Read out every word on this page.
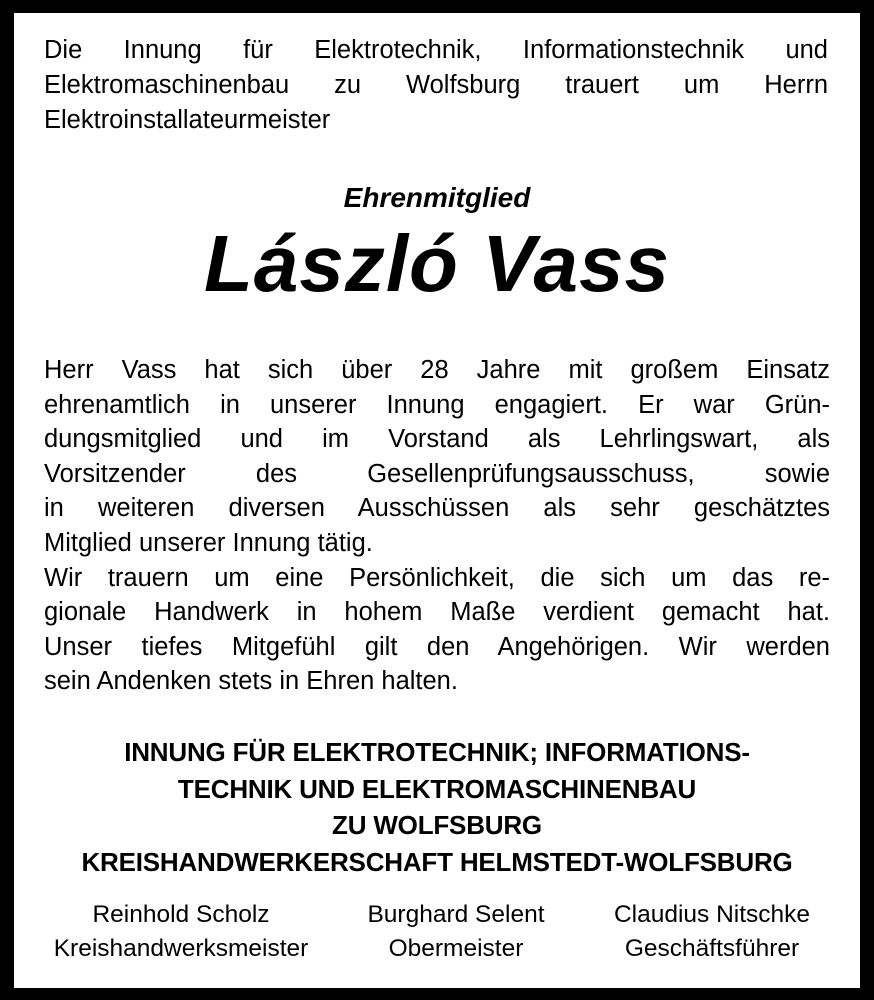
Die Innung für Elektrotechnik, Informationstechnik und
Elektromaschinenbau zu Wolfsburg trauert um Herrn
Elektroinstallateurmeister
Ehrenmitglied
László Vass
Herr Vass hat sich über 28 Jahre mit großem Einsatz
ehrenamtlich in unserer Innung engagiert. Er war Grün-
dungsmitglied und im Vorstand als Lehrlingswart, als
Vorsitzender des Gesellenprüfungsausschuss, sowie
in weiteren diversen Ausschüssen als sehr geschätztes
Mitglied unserer Innung tätig.
Wir trauern um eine Persönlichkeit, die sich um das re-
gionale Handwerk in hohem Maße verdient gemacht hat.
Unser tiefes Mitgefühl gilt den Angehörigen. Wir werden
sein Andenken stets in Ehren halten.
INNUNG FÜR ELEKTROTECHNIK; INFORMATIONS-
TECHNIK UND ELEKTROMASCHINENBAU
ZU WOLFSBURG
KREISHANDWERKERSCHAFT HELMSTEDT-WOLFSBURG
Reinhold Scholz
Kreishandwerksmeister
Burghard Selent
Obermeister
Claudius Nitschke
Geschäftsführer
